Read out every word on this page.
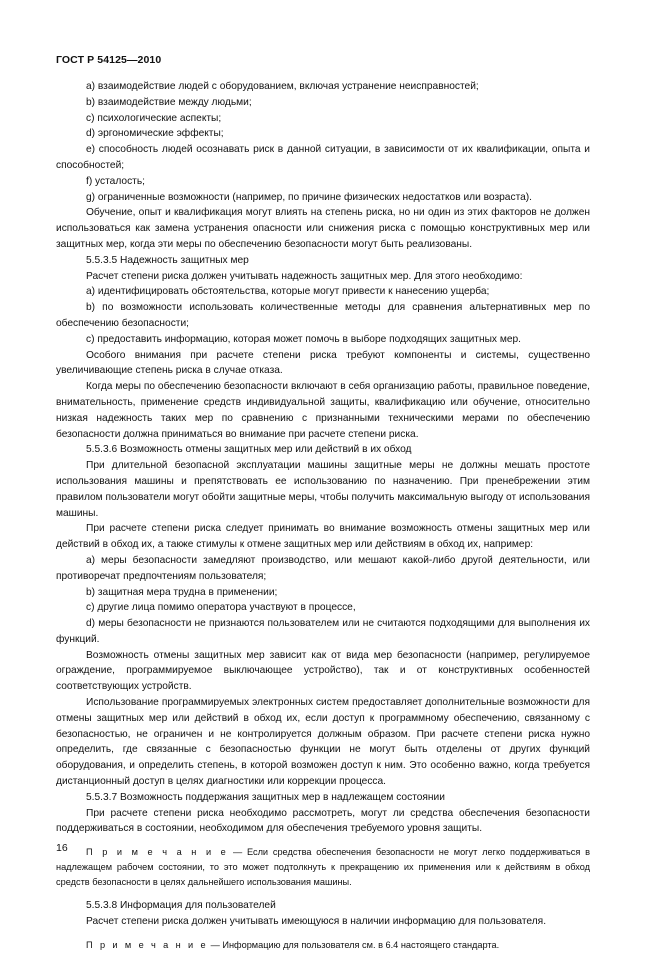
ГОСТ Р 54125—2010

a) взаимодействие людей с оборудованием, включая устранение неисправностей;

b) взаимодействие между людьми;

c) психологические аспекты;

d) эргономические эффекты;

e) способность людей осознавать риск в данной ситуации, в зависимости от их квалификации, опыта и способностей;

f) усталость;

g) ограниченные возможности (например, по причине физических недостатков или возраста).

Обучение, опыт и квалификация могут влиять на степень риска, но ни один из этих факторов не должен использоваться как замена устранения опасности или снижения риска с помощью конструктивных мер или защитных мер, когда эти меры по обеспечению безопасности могут быть реализованы.

5.5.3.5 Надежность защитных мер

Расчет степени риска должен учитывать надежность защитных мер. Для этого необходимо:

a) идентифицировать обстоятельства, которые могут привести к нанесению ущерба;

b) по возможности использовать количественные методы для сравнения альтернативных мер по обеспечению безопасности;

c) предоставить информацию, которая может помочь в выборе подходящих защитных мер.

Особого внимания при расчете степени риска требуют компоненты и системы, существенно увеличивающие степень риска в случае отказа.

Когда меры по обеспечению безопасности включают в себя организацию работы, правильное поведение, внимательность, применение средств индивидуальной защиты, квалификацию или обучение, относительно низкая надежность таких мер по сравнению с признанными техническими мерами по обеспечению безопасности должна приниматься во внимание при расчете степени риска.

5.5.3.6 Возможность отмены защитных мер или действий в их обход

При длительной безопасной эксплуатации машины защитные меры не должны мешать простоте использования машины и препятствовать ее использованию по назначению. При пренебрежении этим правилом пользователи могут обойти защитные меры, чтобы получить максимальную выгоду от использования машины.

При расчете степени риска следует принимать во внимание возможность отмены защитных мер или действий в обход их, а также стимулы к отмене защитных мер или действиям в обход их, например:

a) меры безопасности замедляют производство, или мешают какой-либо другой деятельности, или противоречат предпочтениям пользователя;

b) защитная мера трудна в применении;

c) другие лица помимо оператора участвуют в процессе,

d) меры безопасности не признаются пользователем или не считаются подходящими для выполнения их функций.

Возможность отмены защитных мер зависит как от вида мер безопасности (например, регулируемое ограждение, программируемое выключающее устройство), так и от конструктивных особенностей соответствующих устройств.

Использование программируемых электронных систем предоставляет дополнительные возможности для отмены защитных мер или действий в обход их, если доступ к программному обеспечению, связанному с безопасностью, не ограничен и не контролируется должным образом. При расчете степени риска нужно определить, где связанные с безопасностью функции не могут быть отделены от других функций оборудования, и определить степень, в которой возможен доступ к ним. Это особенно важно, когда требуется дистанционный доступ в целях диагностики или коррекции процесса.

5.5.3.7 Возможность поддержания защитных мер в надлежащем состоянии

При расчете степени риска необходимо рассмотреть, могут ли средства обеспечения безопасности поддерживаться в состоянии, необходимом для обеспечения требуемого уровня защиты.

П р и м е ч а н и е — Если средства обеспечения безопасности не могут легко поддерживаться в надлежащем рабочем состоянии, то это может подтолкнуть к прекращению их применения или к действиям в обход средств безопасности в целях дальнейшего использования машины.

5.5.3.8 Информация для пользователей

Расчет степени риска должен учитывать имеющуюся в наличии информацию для пользователя.

П р и м е ч а н и е — Информацию для пользователя см. в 6.4 настоящего стандарта.

16
